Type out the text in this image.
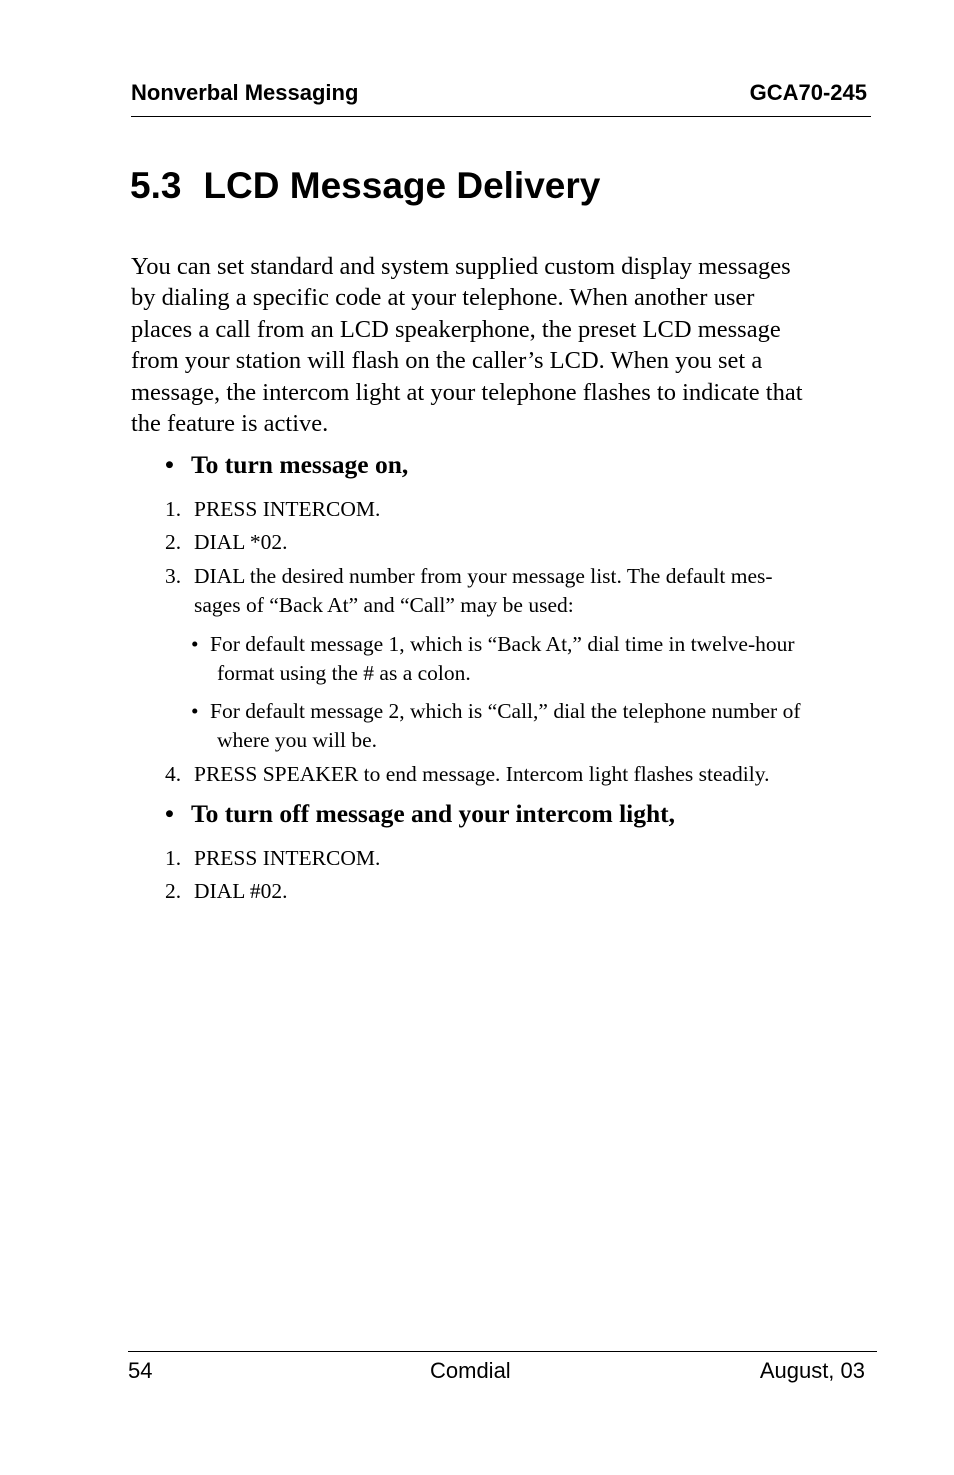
Nonverbal Messaging	GCA70-245
5.3 LCD Message Delivery
You can set standard and system supplied custom display messages
by dialing a specific code at your telephone. When another user
places a call from an LCD speakerphone, the preset LCD message
from your station will flash on the caller’s LCD. When you set a
message, the intercom light at your telephone flashes to indicate that
the feature is active.
• To turn message on,
1. PRESS INTERCOM.
2. DIAL *02.
3. DIAL the desired number from your message list. The default mes-
sages of “Back At” and “Call” may be used:
• For default message 1, which is “Back At,” dial time in twelve-hour
format using the # as a colon.
• For default message 2, which is “Call,” dial the telephone number of
where you will be.
4. PRESS SPEAKER to end message. Intercom light flashes steadily.
• To turn off message and your intercom light,
1. PRESS INTERCOM.
2. DIAL #02.
54	Comdial	August, 03
